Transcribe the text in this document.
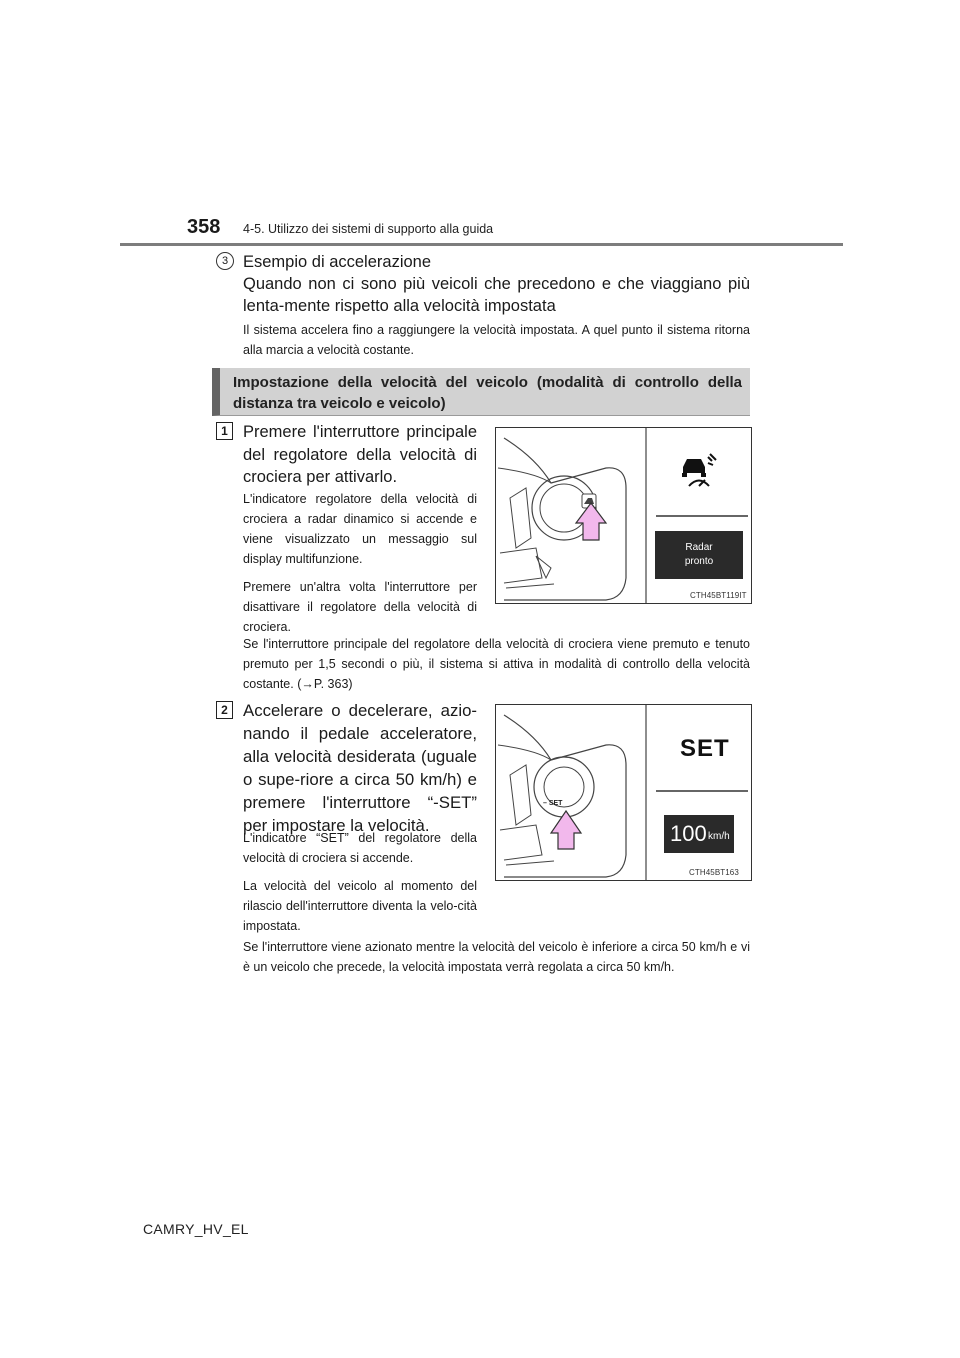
358 4-5. Utilizzo dei sistemi di supporto alla guida
3 Esempio di accelerazione
Quando non ci sono più veicoli che precedono e che viaggiano più lenta-mente rispetto alla velocità impostata
Il sistema accelera fino a raggiungere la velocità impostata. A quel punto il sistema ritorna alla marcia a velocità costante.
Impostazione della velocità del veicolo (modalità di controllo della distanza tra veicolo e veicolo)
1 Premere l'interruttore principale del regolatore della velocità di crociera per attivarlo.
L'indicatore regolatore della velocità di crociera a radar dinamico si accende e viene visualizzato un messaggio sul display multifunzione.
Premere un'altra volta l'interruttore per disattivare il regolatore della velocità di crociera.
Se l'interruttore principale del regolatore della velocità di crociera viene premuto e tenuto premuto per 1,5 secondi o più, il sistema si attiva in modalità di controllo della velocità costante. (→P. 363)
Radar
pronto
CTH45BT119IT
2 Accelerare o decelerare, azio-nando il pedale acceleratore, alla velocità desiderata (uguale o supe-riore a circa 50 km/h) e premere l'interruttore “-SET” per impostare la velocità.
L'indicatore “SET” del regolatore della velocità di crociera si accende.
La velocità del veicolo al momento del rilascio dell'interruttore diventa la velo-cità impostata.
Se l'interruttore viene azionato mentre la velocità del veicolo è inferiore a circa 50 km/h e vi è un veicolo che precede, la velocità impostata verrà regolata a circa 50 km/h.
– SET
SET
100 km/h
CTH45BT163
CAMRY_HV_EL
